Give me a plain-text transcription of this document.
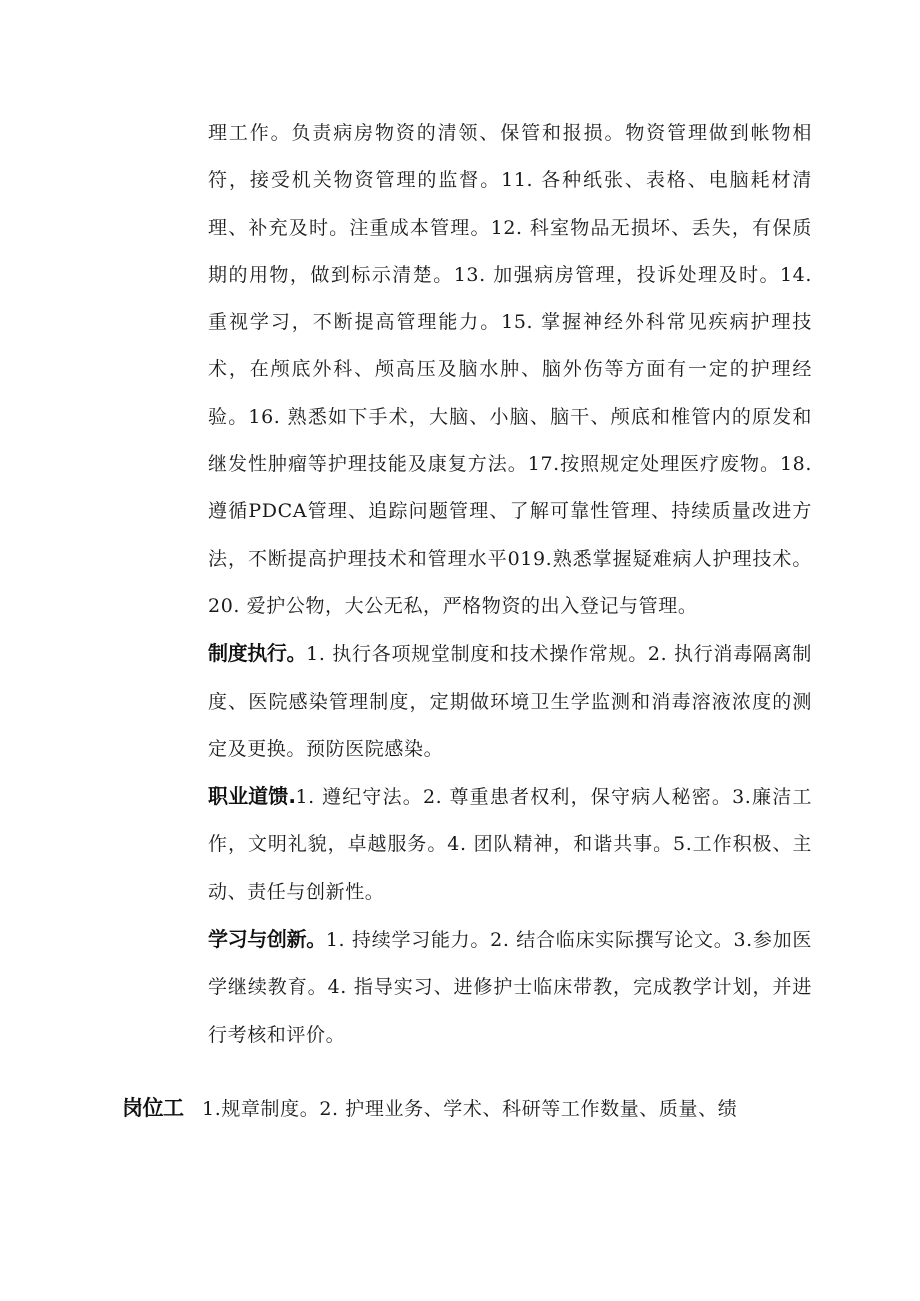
理工作。负责病房物资的清领、保管和报损。物资管理做到帐物相符，接受机关物资管理的监督。11. 各种纸张、表格、电脑耗材清理、补充及时。注重成本管理。12. 科室物品无损坏、丢失，有保质期的用物，做到标示清楚。13. 加强病房管理，投诉处理及时。14. 重视学习，不断提高管理能力。15. 掌握神经外科常见疾病护理技术，在颅底外科、颅高压及脑水肿、脑外伤等方面有一定的护理经验。16. 熟悉如下手术，大脑、小脑、脑干、颅底和椎管内的原发和继发性肿瘤等护理技能及康复方法。17.按照规定处理医疗废物。18.遵循PDCA管理、追踪问题管理、了解可靠性管理、持续质量改进方法，不断提高护理技术和管理水平019.熟悉掌握疑难病人护理技术。20. 爱护公物，大公无私，严格物资的出入登记与管理。

制度执行。1. 执行各项规堂制度和技术操作常规。2. 执行消毒隔离制度、医院感染管理制度，定期做环境卫生学监测和消毒溶液浓度的测定及更换。预防医院感染。

职业道馈.1. 遵纪守法。2. 尊重患者权利，保守病人秘密。3.廉洁工作，文明礼貌，卓越服务。4. 团队精神，和谐共事。5.工作积极、主动、责任与创新性。

学习与创新。1. 持续学习能力。2. 结合临床实际撰写论文。3.参加医学继续教育。4. 指导实习、进修护士临床带教，完成教学计划，并进行考核和评价。

岗位工 1.规章制度。2. 护理业务、学术、科研等工作数量、质量、绩
